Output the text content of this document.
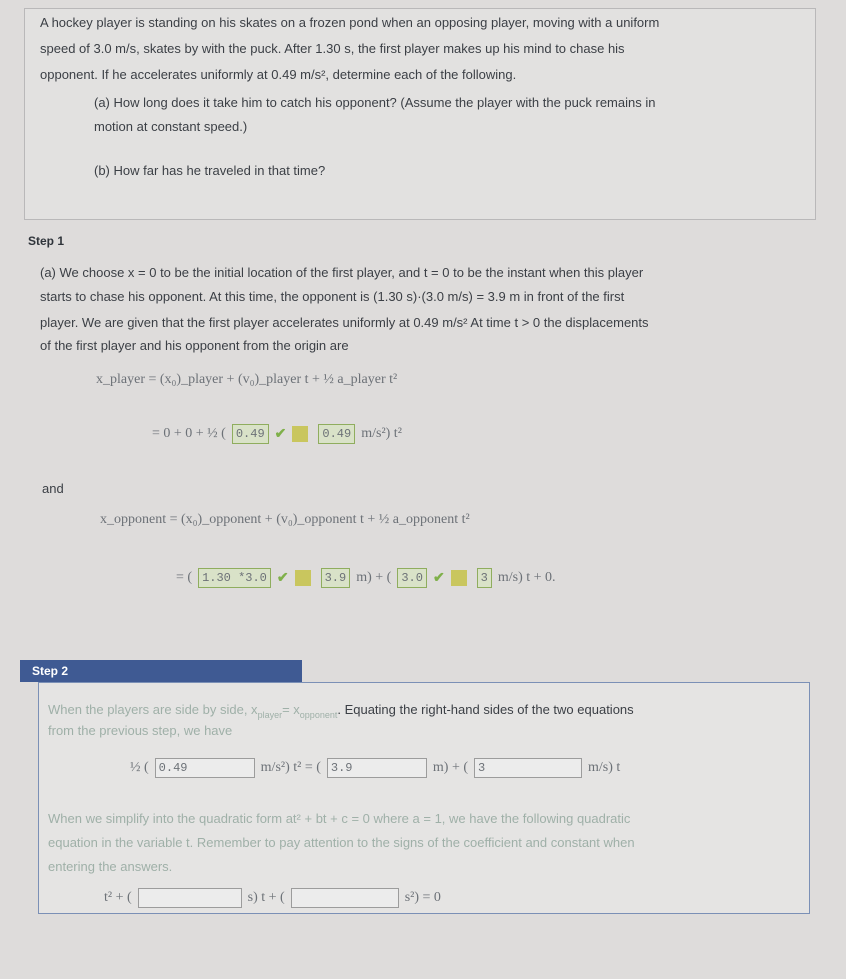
A hockey player is standing on his skates on a frozen pond when an opposing player, moving with a uniform
speed of 3.0 m/s, skates by with the puck. After 1.30 s, the first player makes up his mind to chase his
opponent. If he accelerates uniformly at 0.49 m/s², determine each of the following.
(a) How long does it take him to catch his opponent? (Assume the player with the puck remains in
motion at constant speed.)
(b) How far has he traveled in that time?
Step 1
(a) We choose x = 0 to be the initial location of the first player, and t = 0 to be the instant when this player
starts to chase his opponent. At this time, the opponent is (1.30 s)·(3.0 m/s) = 3.9 m in front of the first
player. We are given that the first player accelerates uniformly at 0.49 m/s² At time t > 0 the displacements
of the first player and his opponent from the origin are
x_player = (x₀)_player + (v₀)_player t + ½ a_player t²
= 0 + 0 + ½ ( 0.49 ✔	0.49 m/s²) t²
and
x_opponent = (x₀)_opponent + (v₀)_opponent t + ½ a_opponent t²
= ( 1.30 *3.0 ✔	3.9 m) + ( 3.0 ✔	3 m/s) t + 0.
Step 2
When the players are side by side, x player = x opponent . Equating the right-hand sides of the two equations
from the previous step, we have
½ ( 0.49	m/s²) t² = ( 3.9	m) + ( 3	m/s) t
When we simplify into the quadratic form at² + bt + c = 0 where a = 1, we have the following quadratic
equation in the variable t. Remember to pay attention to the signs of the coefficient and constant when
entering the answers.
t² + (	s) t + (	s²) = 0
